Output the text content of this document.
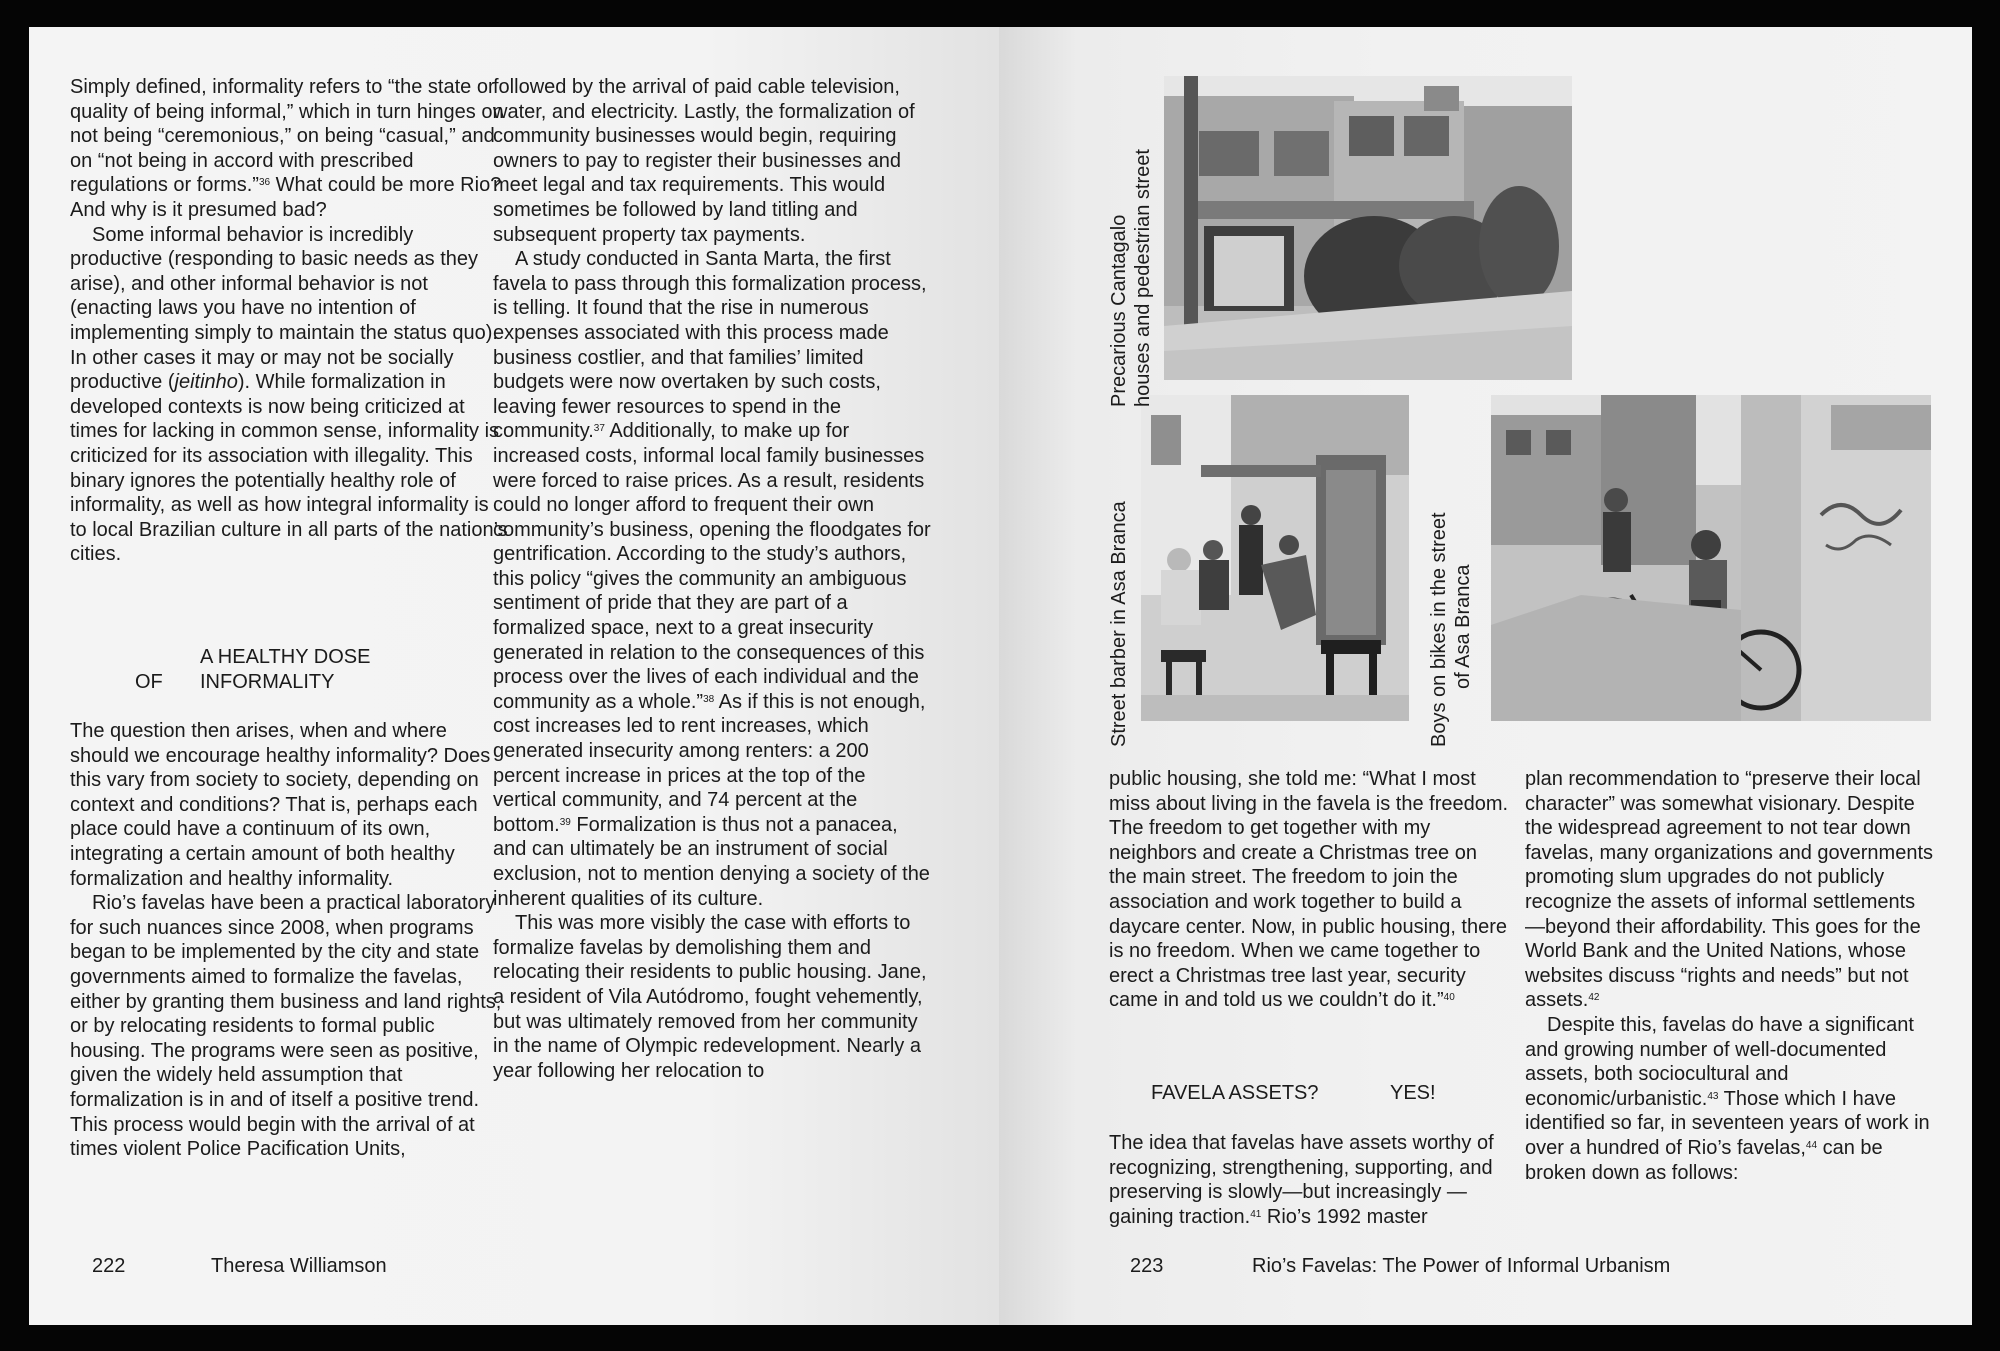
Simply defined, informality refers to “the state or quality of being informal,” which in turn hinges on not being “ceremonious,” on being “casual,” and on “not being in accord with prescribed regulations or forms.”$^{36}$ What could be more Rio? And why is it presumed bad?

Some informal behavior is incredibly productive (responding to basic needs as they arise), and other informal behavior is not (enacting laws you have no intention of implementing simply to maintain the status quo). In other cases it may or may not be socially productive (jeitinho). While formalization in developed contexts is now being criticized at times for lacking in common sense, informality is criticized for its association with illegality. This binary ignores the potentially healthy role of informality, as well as how integral informality is to local Brazilian culture in all parts of the nation’s cities.

A HEALTHY DOSE
OF INFORMALITY

The question then arises, when and where should we encourage healthy informality? Does this vary from society to society, depending on context and conditions? That is, perhaps each place could have a continuum of its own, integrating a certain amount of both healthy formalization and healthy informality.

Rio’s favelas have been a practical laboratory for such nuances since 2008, when programs began to be implemented by the city and state governments aimed to formalize the favelas, either by granting them business and land rights, or by relocating residents to formal public housing. The programs were seen as positive, given the widely held assumption that formalization is in and of itself a positive trend. This process would begin with the arrival of at times violent Police Pacification Units,

followed by the arrival of paid cable television, water, and electricity. Lastly, the formalization of community businesses would begin, requiring owners to pay to register their businesses and meet legal and tax requirements. This would sometimes be followed by land titling and subsequent property tax payments.

A study conducted in Santa Marta, the first favela to pass through this formalization process, is telling. It found that the rise in numerous expenses associated with this process made business costlier, and that families’ limited budgets were now overtaken by such costs, leaving fewer resources to spend in the community.$^{37}$ Additionally, to make up for increased costs, informal local family businesses were forced to raise prices. As a result, residents could no longer afford to frequent their own community’s business, opening the floodgates for gentrification. According to the study’s authors, this policy “gives the community an ambiguous sentiment of pride that they are part of a formalized space, next to a great insecurity generated in relation to the consequences of this process over the lives of each individual and the community as a whole.”$^{38}$ As if this is not enough, cost increases led to rent increases, which generated insecurity among renters: a 200 percent increase in prices at the top of the vertical community, and 74 percent at the bottom.$^{39}$ Formalization is thus not a panacea, and can ultimately be an instrument of social exclusion, not to mention denying a society of the inherent qualities of its culture.

This was more visibly the case with efforts to formalize favelas by demolishing them and relocating their residents to public housing. Jane, a resident of Vila Autódromo, fought vehemently, but was ultimately removed from her community in the name of Olympic redevelopment. Nearly a year following her relocation to

222	Theresa Williamson
Precarious Cantagalo houses and pedestrian street
Street barber in Asa Branca	Boys on bikes in the street of Asa Branca

public housing, she told me: “What I most miss about living in the favela is the freedom. The freedom to get together with my neighbors and create a Christmas tree on the main street. The freedom to join the association and work together to build a daycare center. Now, in public housing, there is no freedom. When we came together to erect a Christmas tree last year, security came in and told us we couldn’t do it.”$^{40}$

FAVELA ASSETS?	YES!

The idea that favelas have assets worthy of recognizing, strengthening, supporting, and preserving is slowly—but increasingly —gaining traction.$^{41}$ Rio’s 1992 master

plan recommendation to “preserve their local character” was somewhat visionary. Despite the widespread agreement to not tear down favelas, many organizations and governments promoting slum upgrades do not publicly recognize the assets of informal settlements—beyond their affordability. This goes for the World Bank and the United Nations, whose websites discuss “rights and needs” but not assets.$^{42}$

Despite this, favelas do have a significant and growing number of well-documented assets, both sociocultural and economic/urbanistic.$^{43}$ Those which I have identified so far, in seventeen years of work in over a hundred of Rio’s favelas,$^{44}$ can be broken down as follows:

223	Rio’s Favelas: The Power of Informal Urbanism
